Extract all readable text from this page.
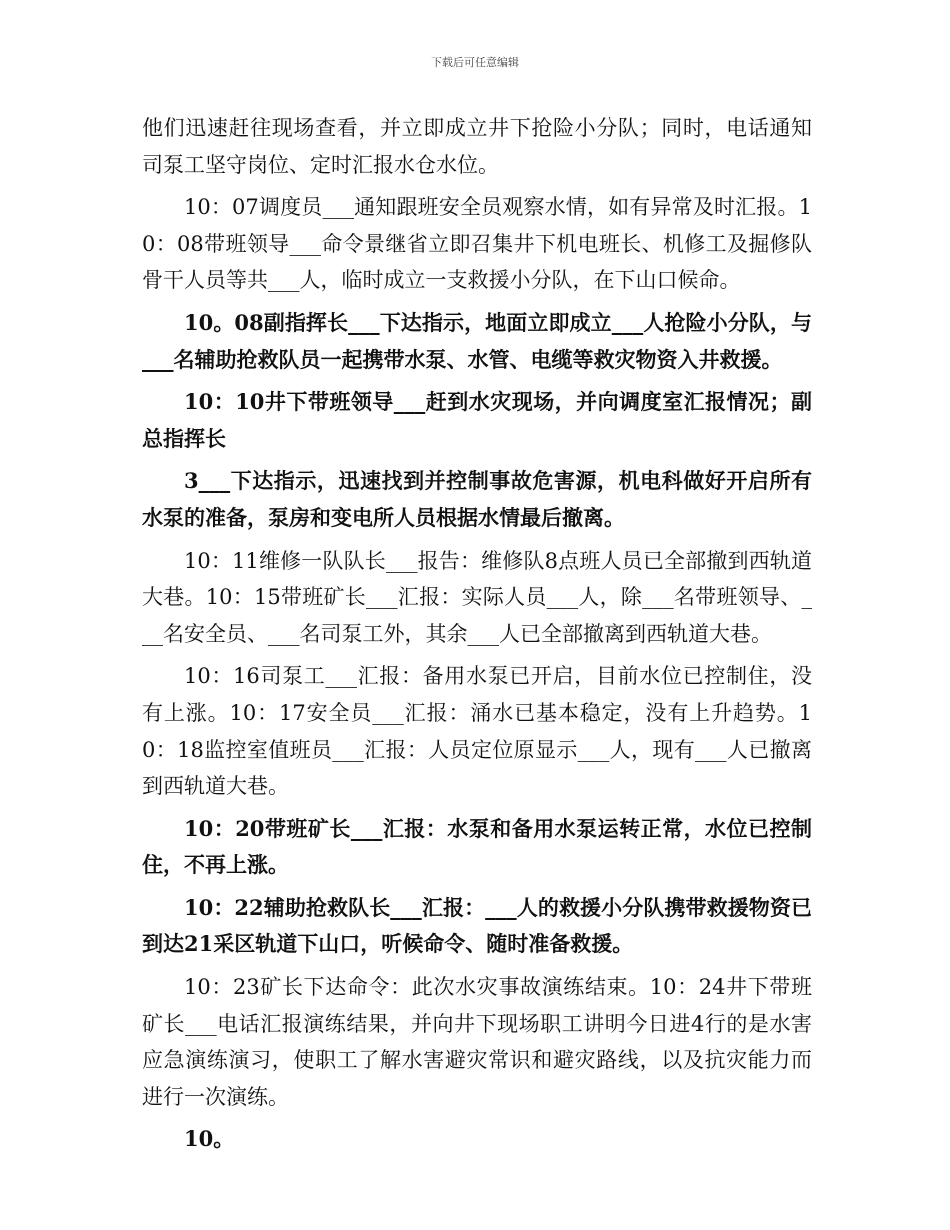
下载后可任意编辑

他们迅速赶往现场查看，并立即成立井下抢险小分队；同时，电话通知司泵工坚守岗位、定时汇报水仓水位。

10：07调度员___通知跟班安全员观察水情，如有异常及时汇报。10：08带班领导___命令景继省立即召集井下机电班长、机修工及掘修队骨干人员等共___人，临时成立一支救援小分队，在下山口候命。

10。08副指挥长___下达指示，地面立即成立___人抢险小分队，与___名辅助抢救队员一起携带水泵、水管、电缆等救灾物资入井救援。

10：10井下带班领导___赶到水灾现场，并向调度室汇报情况；副总指挥长

3___下达指示，迅速找到并控制事故危害源，机电科做好开启所有水泵的准备，泵房和变电所人员根据水情最后撤离。

10：11维修一队队长___报告：维修队8点班人员已全部撤到西轨道大巷。10：15带班矿长___汇报：实际人员___人，除___名带班领导、___名安全员、___名司泵工外，其余___人已全部撤离到西轨道大巷。

10：16司泵工___汇报：备用水泵已开启，目前水位已控制住，没有上涨。10：17安全员___汇报：涌水已基本稳定，没有上升趋势。10：18监控室值班员___汇报：人员定位原显示___人，现有___人已撤离到西轨道大巷。

10：20带班矿长___汇报：水泵和备用水泵运转正常，水位已控制住，不再上涨。

10：22辅助抢救队长___汇报：___人的救援小分队携带救援物资已到达21采区轨道下山口，听候命令、随时准备救援。

10：23矿长下达命令：此次水灾事故演练结束。10：24井下带班矿长___电话汇报演练结果，并向井下现场职工讲明今日进4行的是水害应急演练演习，使职工了解水害避灾常识和避灾路线，以及抗灾能力而进行一次演练。

10。
